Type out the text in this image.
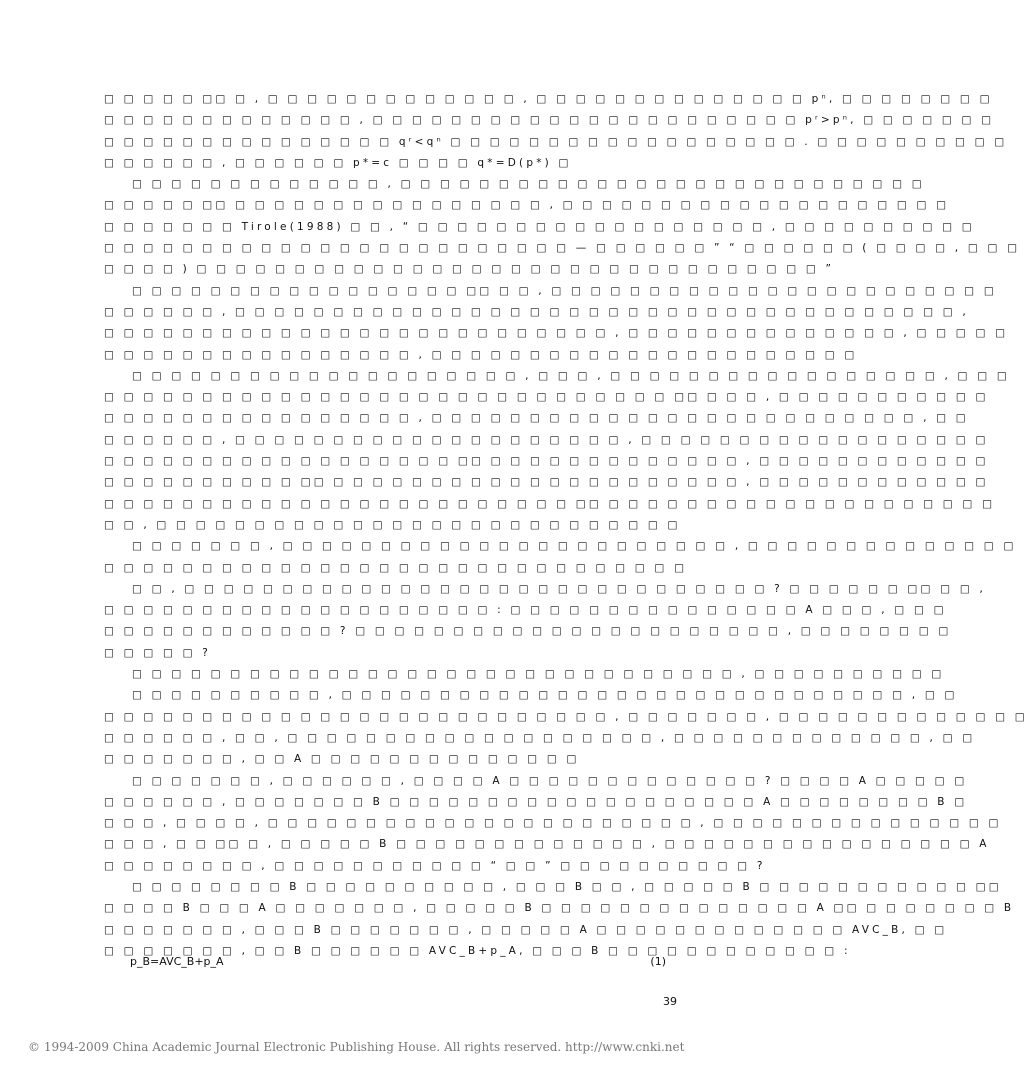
□ □ □ □ □ □□ □ , □ □ □ □ □ □ □ □ □ □ □ □ □ , □ □ □ □ □ □ □ □ □ □ □ □ □ □ pⁿ, □ □ □ □ □ □ □ □
□ □ □ □ □ □ □ □ □ □ □ □ □ , □ □ □ □ □ □ □ □ □ □ □ □ □ □ □ □ □ □ □ □ □ □ pʳ>pⁿ, □ □ □ □ □ □ □
□ □ □ □ □ □ □ □ □ □ □ □ □ □ □ qʳ<qⁿ □ □ □ □ □ □ □ □ □ □ □ □ □ □ □ □ □ □ . □ □ □ □ □ □ □ □ □ □
□ □ □ □ □ □ , □ □ □ □ □ □ p*=c □ □ □ □ q*=D(p*) □
□ □ □ □ □ □ □ □ □ □ □ □ □ , □ □ □ □ □ □ □ □ □ □ □ □ □ □ □ □ □ □ □ □ □ □ □ □ □ □ □
□ □ □ □ □ □□ □ □ □ □ □ □ □ □ □ □ □ □ □ □ □ □ , □ □ □ □ □ □ □ □ □ □ □ □ □ □ □ □ □ □ □ □
□ □ □ □ □ □ □ Tirole(1988) □ □ , “ □ □ □ □ □ □ □ □ □ □ □ □ □ □ □ □ □ □ , □ □ □ □ □ □ □ □ □ □
□ □ □ □ □ □ □ □ □ □ □ □ □ □ □ □ □ □ □ □ □ □ □ □ — □ □ □ □ □ □ ” “ □ □ □ □ □ □ ( □ □ □ □ , □ □ □
□ □ □ □ ) □ □ □ □ □ □ □ □ □ □ □ □ □ □ □ □ □ □ □ □ □ □ □ □ □ □ □ □ □ □ □ □ ”
□ □ □ □ □ □ □ □ □ □ □ □ □ □ □ □ □ □□ □ □ , □ □ □ □ □ □ □ □ □ □ □ □ □ □ □ □ □ □ □ □ □ □ □
□ □ □ □ □ □ , □ □ □ □ □ □ □ □ □ □ □ □ □ □ □ □ □ □ □ □ □ □ □ □ □ □ □ □ □ □ □ □ □ □ □ □ □ ,
□ □ □ □ □ □ □ □ □ □ □ □ □ □ □ □ □ □ □ □ □ □ □ □ □ □ , □ □ □ □ □ □ □ □ □ □ □ □ □ □ , □ □ □ □ □
□ □ □ □ □ □ □ □ □ □ □ □ □ □ □ □ , □ □ □ □ □ □ □ □ □ □ □ □ □ □ □ □ □ □ □ □ □ □
□ □ □ □ □ □ □ □ □ □ □ □ □ □ □ □ □ □ □ □ , □ □ □ , □ □ □ □ □ □ □ □ □ □ □ □ □ □ □ □ □ , □ □ □
□ □ □ □ □ □ □ □ □ □ □ □ □ □ □ □ □ □ □ □ □ □ □ □ □ □ □ □ □ □□ □ □ □ , □ □ □ □ □ □ □ □ □ □ □
□ □ □ □ □ □ □ □ □ □ □ □ □ □ □ □ , □ □ □ □ □ □ □ □ □ □ □ □ □ □ □ □ □ □ □ □ □ □ □ □ □ , □ □
□ □ □ □ □ □ , □ □ □ □ □ □ □ □ □ □ □ □ □ □ □ □ □ □ □ □ , □ □ □ □ □ □ □ □ □ □ □ □ □ □ □ □ □ □
□ □ □ □ □ □ □ □ □ □ □ □ □ □ □ □ □ □ □□ □ □ □ □ □ □ □ □ □ □ □ □ □ , □ □ □ □ □ □ □ □ □ □ □ □
□ □ □ □ □ □ □ □ □ □ □□ □ □ □ □ □ □ □ □ □ □ □ □ □ □ □ □ □ □ □ □ □ , □ □ □ □ □ □ □ □ □ □ □ □
□ □ □ □ □ □ □ □ □ □ □ □ □ □ □ □ □ □ □ □ □ □ □ □ □□ □ □ □ □ □ □ □ □ □ □ □ □ □ □ □ □ □ □ □ □
□ □ , □ □ □ □ □ □ □ □ □ □ □ □ □ □ □ □ □ □ □ □ □ □ □ □ □ □ □
□ □ □ □ □ □ □ , □ □ □ □ □ □ □ □ □ □ □ □ □ □ □ □ □ □ □ □ □ □ □ , □ □ □ □ □ □ □ □ □ □ □ □ □ □
□ □ □ □ □ □ □ □ □ □ □ □ □ □ □ □ □ □ □ □ □ □ □ □ □ □ □ □ □ □
□ □ , □ □ □ □ □ □ □ □ □ □ □ □ □ □ □ □ □ □ □ □ □ □ □ □ □ □ □ □ □ □ ? □ □ □ □ □ □ □□ □ □ ,
□ □ □ □ □ □ □ □ □ □ □ □ □ □ □ □ □ □ □ □ : □ □ □ □ □ □ □ □ □ □ □ □ □ □ □ A □ □ □ , □ □ □
□ □ □ □ □ □ □ □ □ □ □ □ ? □ □ □ □ □ □ □ □ □ □ □ □ □ □ □ □ □ □ □ □ □ □ , □ □ □ □ □ □ □ □
□ □ □ □ □ ?
□ □ □ □ □ □ □ □ □ □ □ □ □ □ □ □ □ □ □ □ □ □ □ □ □ □ □ □ □ □ □ , □ □ □ □ □ □ □ □ □ □
□ □ □ □ □ □ □ □ □ □ , □ □ □ □ □ □ □ □ □ □ □ □ □ □ □ □ □ □ □ □ □ □ □ □ □ □ □ □ □ , □ □
□ □ □ □ □ □ □ □ □ □ □ □ □ □ □ □ □ □ □ □ □ □ □ □ □ □ , □ □ □ □ □ □ □ , □ □ □ □ □ □ □ □ □ □ □ □ □
□ □ □ □ □ □ , □ □ , □ □ □ □ □ □ □ □ □ □ □ □ □ □ □ □ □ □ □ , □ □ □ □ □ □ □ □ □ □ □ □ □ , □ □
□ □ □ □ □ □ □ , □ □ A □ □ □ □ □ □ □ □ □ □ □ □ □ □
□ □ □ □ □ □ □ , □ □ □ □ □ □ , □ □ □ □ A □ □ □ □ □ □ □ □ □ □ □ □ □ ? □ □ □ □ A □ □ □ □ □
□ □ □ □ □ □ , □ □ □ □ □ □ □ B □ □ □ □ □ □ □ □ □ □ □ □ □ □ □ □ □ □ □ A □ □ □ □ □ □ □ □ B □
□ □ □ , □ □ □ □ , □ □ □ □ □ □ □ □ □ □ □ □ □ □ □ □ □ □ □ □ □ □ , □ □ □ □ □ □ □ □ □ □ □ □ □ □ □
□ □ □ , □ □ □□ □ , □ □ □ □ □ B □ □ □ □ □ □ □ □ □ □ □ □ □ , □ □ □ □ □ □ □ □ □ □ □ □ □ □ □ □ A
□ □ □ □ □ □ □ □ , □ □ □ □ □ □ □ □ □ □ □ “ □ □ ” □ □ □ □ □ □ □ □ □ □ ?
□ □ □ □ □ □ □ □ B □ □ □ □ □ □ □ □ □ □ , □ □ □ B □ □ , □ □ □ □ □ B □ □ □ □ □ □ □ □ □ □ □ □□
□ □ □ □ B □ □ □ A □ □ □ □ □ □ □ , □ □ □ □ □ B □ □ □ □ □ □ □ □ □ □ □ □ □ □ A □□ □ □ □ □ □ □ □ B
□ □ □ □ □ □ □ , □ □ □ B □ □ □ □ □ □ □ , □ □ □ □ □ A □ □ □ □ □ □ □ □ □ □ □ □ □ AVC_B, □ □
□ □ □ □ □ □ □ , □ □ B □ □ □ □ □ □ AVC_B+p_A, □ □ □ B □ □ □ □ □ □ □ □ □ □ □ □ :
p_B=AVC_B+p_A	(1)
39
© 1994-2009 China Academic Journal Electronic Publishing House. All rights reserved. http://www.cnki.net
